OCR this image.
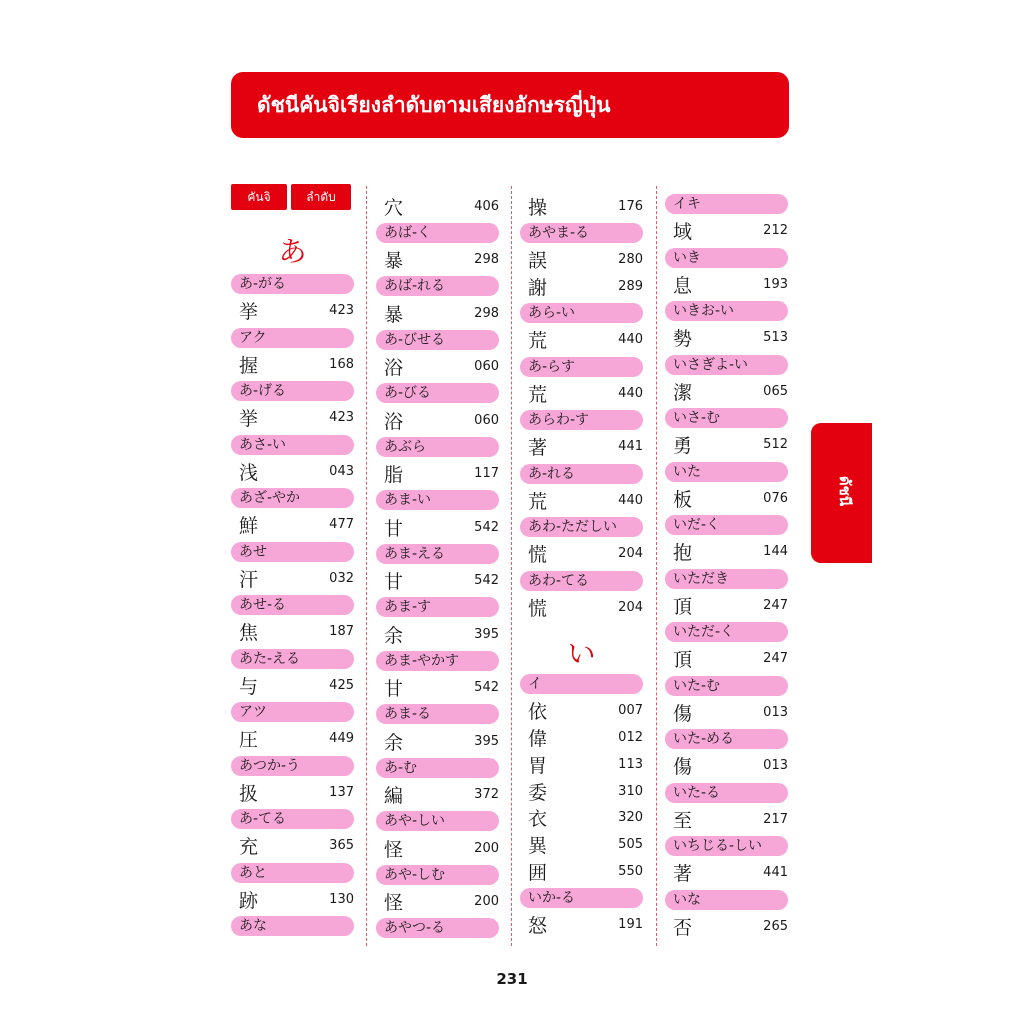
ดัชนีคันจิเรียงลำดับตามเสียงอักษรญี่ปุ่น
คันจิ	ลำดับ
あ
あ-がる
挙	423
アク
握	168
あ-げる
挙	423
あさ-い
浅	043
あざ-やか
鮮	477
あせ
汗	032
あせ-る
焦	187
あた-える
与	425
アツ
圧	449
あつか-う
扱	137
あ-てる
充	365
あと
跡	130
あな
穴	406
あば-く
暴	298
あば-れる
暴	298
あ-びせる
浴	060
あ-びる
浴	060
あぶら
脂	117
あま-い
甘	542
あま-える
甘	542
あま-す
余	395
あま-やかす
甘	542
あま-る
余	395
あ-む
編	372
あや-しい
怪	200
あや-しむ
怪	200
あやつ-る
操	176
あやま-る
誤	280
謝	289
あら-い
荒	440
あ-らす
荒	440
あらわ-す
著	441
あ-れる
荒	440
あわ-ただしい
慌	204
あわ-てる
慌	204
い
イ
依	007
偉	012
胃	113
委	310
衣	320
異	505
囲	550
いか-る
怒	191
イキ
域	212
いき
息	193
いきお-い
勢	513
いさぎよ-い
潔	065
いさ-む
勇	512
いた
板	076
いだ-く
抱	144
いただき
頂	247
いただ-く
頂	247
いた-む
傷	013
いた-める
傷	013
いた-る
至	217
いちじる-しい
著	441
いな
否	265
ดัชนี
231
